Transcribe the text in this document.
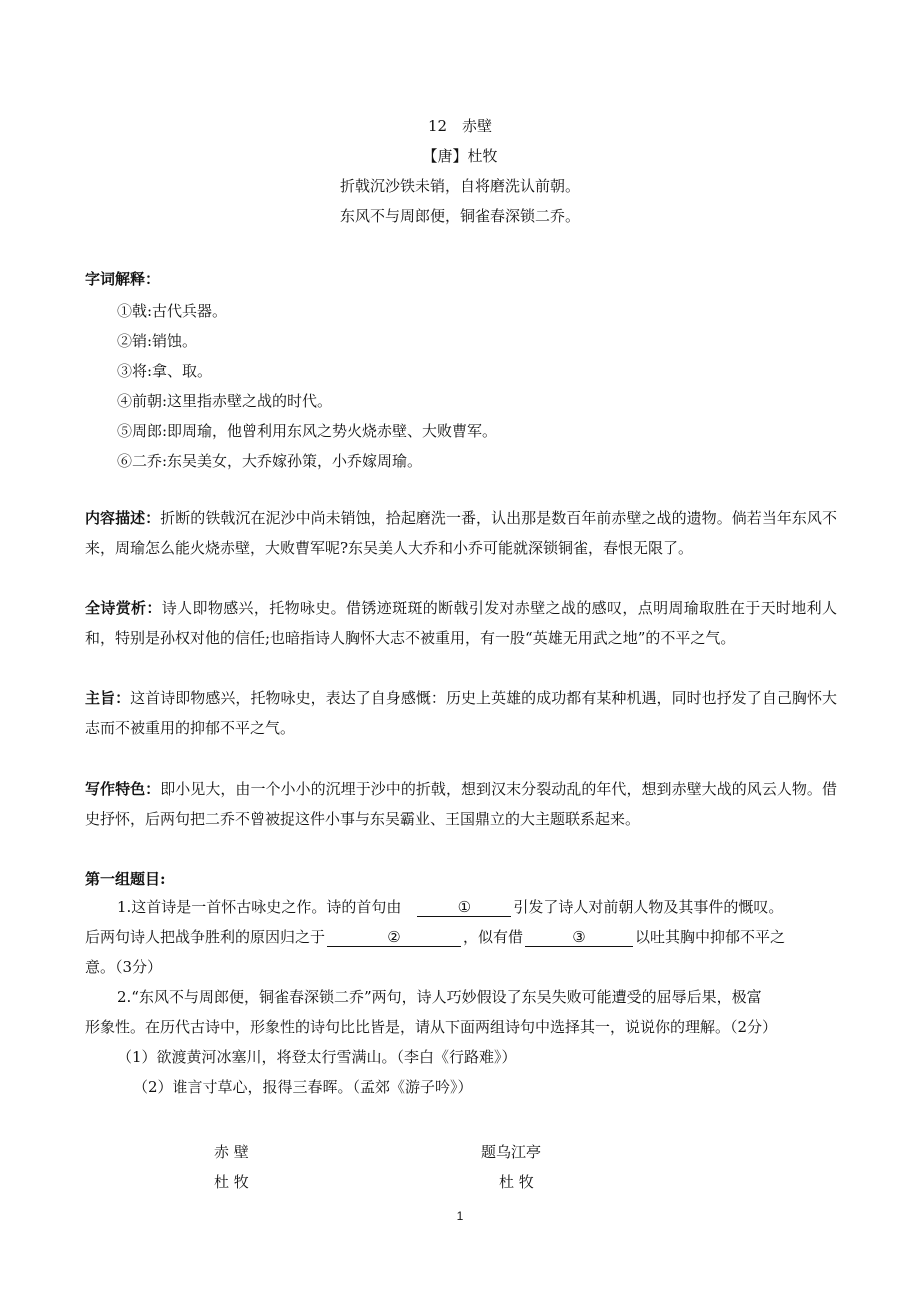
12　赤壁
【唐】杜牧
折戟沉沙铁未销，自将磨洗认前朝。
东风不与周郎便，铜雀春深锁二乔。
字词解释：
①戟:古代兵器。
②销:销蚀。
③将:拿、取。
④前朝:这里指赤壁之战的时代。
⑤周郎:即周瑜，他曾利用东风之势火烧赤壁、大败曹军。
⑥二乔:东吴美女，大乔嫁孙策，小乔嫁周瑜。
内容描述：折断的铁戟沉在泥沙中尚未销蚀，拾起磨洗一番，认出那是数百年前赤壁之战的遗物。倘若当年东风不来，周瑜怎么能火烧赤壁，大败曹军呢?东吴美人大乔和小乔可能就深锁铜雀，春恨无限了。
全诗赏析：诗人即物感兴，托物咏史。借锈迹斑斑的断戟引发对赤壁之战的感叹，点明周瑜取胜在于天时地利人和，特别是孙权对他的信任;也暗指诗人胸怀大志不被重用，有一股“英雄无用武之地”的不平之气。
主旨：这首诗即物感兴，托物咏史，表达了自身感慨：历史上英雄的成功都有某种机遇，同时也抒发了自己胸怀大志而不被重用的抑郁不平之气。
写作特色：即小见大，由一个小小的沉埋于沙中的折戟，想到汉末分裂动乱的年代，想到赤壁大战的风云人物。借史抒怀，后两句把二乔不曾被捉这件小事与东吴霸业、王国鼎立的大主题联系起来。
第一组题目:
1.这首诗是一首怀古咏史之作。诗的首句由	①	引发了诗人对前朝人物及其事件的慨叹。
后两句诗人把战争胜利的原因归之于	②	，似有借	③	以吐其胸中抑郁不平之
意。（3分）
2.“东风不与周郎便，铜雀春深锁二乔”两句，诗人巧妙假设了东吴失败可能遭受的屈辱后果，极富
形象性。在历代古诗中，形象性的诗句比比皆是，请从下面两组诗句中选择其一，说说你的理解。（2分）
（1）欲渡黄河冰塞川，将登太行雪满山。（李白《行路难》）
（2）谁言寸草心，报得三春晖。（孟郊《游子吟》）
赤 壁
杜 牧
题乌江亭
杜 牧
1
